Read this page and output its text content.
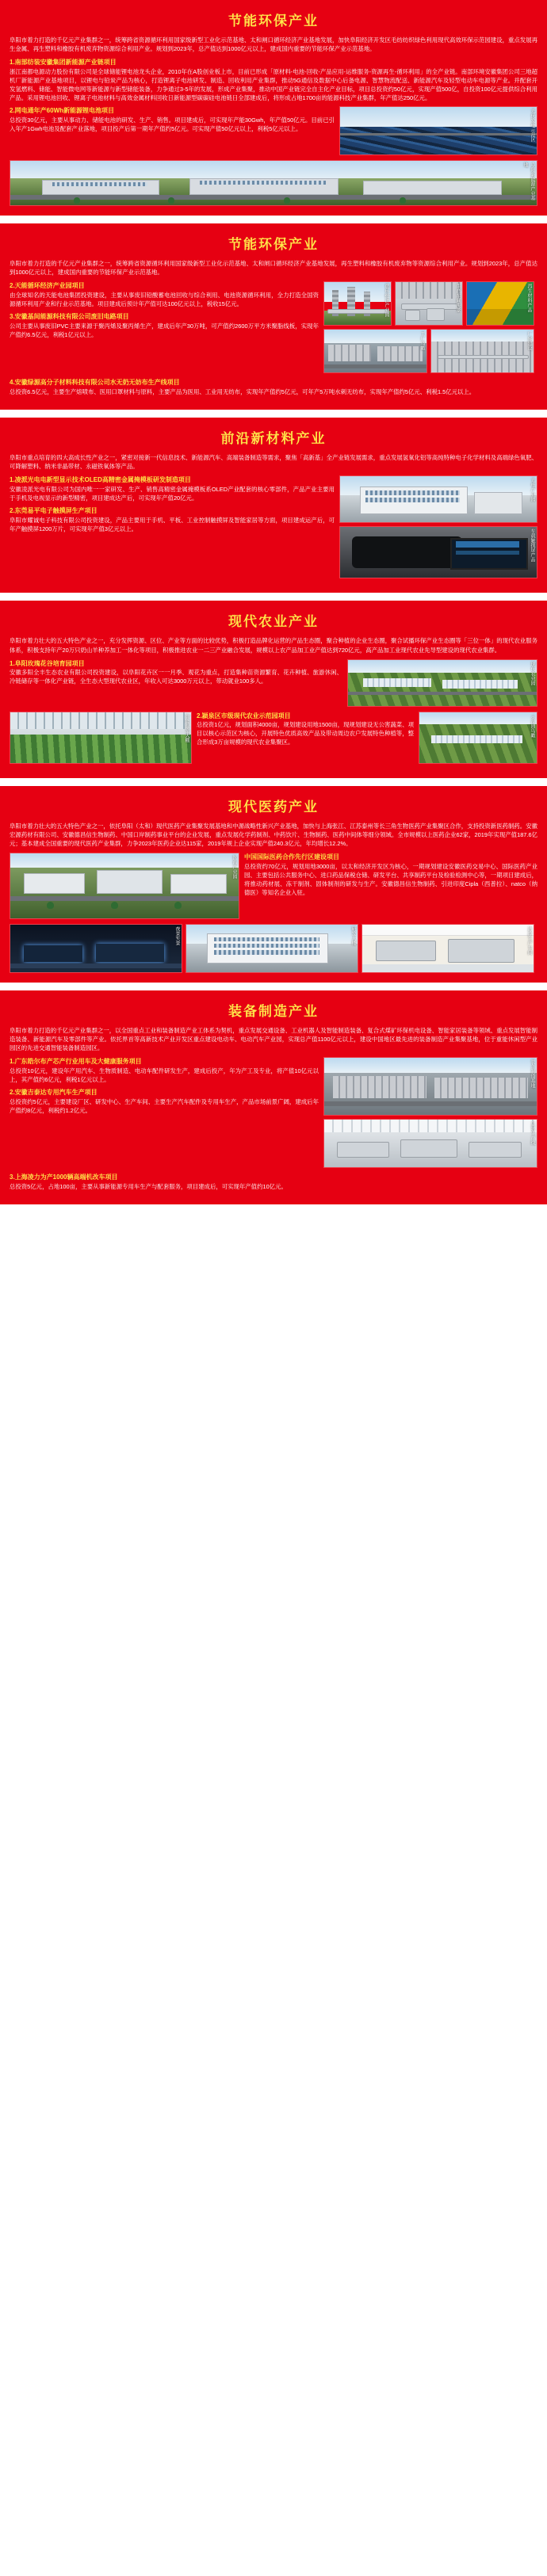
节能环保产业
阜阳市着力打造的千亿元产业集群之一，统筹跨省资源循环利用国家级新型工业化示范基地、太和闸口循环经济产业基地发展，加快阜阳经济开发区毛纺纺织绿色利用现代高效环保示范园建设，重点发展再生金属、再生塑料和橡胶有机废弃物资源综合利用产业。规划到2023年，总产值达到1000亿元以上，建成国内重要的节能环保产业示范基地。
1.南部纺装安徽集团新能源产业链项目
浙江南都电源动力股份有限公司是全球储能锂电池龙头企业，2010年在A股创业板上市，目前已形成「原材料-电池-回收-产品应用-运维服务-资源再生-循环利用」的全产业链。南部环境安徽集团公司三地超机厂新能源产业基地项目，以锂电与铅炭产品为核心，打造锂离子电池研发、制造、回收利用产业集群，推动5G通信及数据中心后备电源、智慧物流配送、新能源汽车及轻型电动车电源等产业。并配套开发氢燃料、储能、智能微电网等新能源与新型储能装备，力争通过3-5年的发展，形成产业集聚，推动中国产业链完全自主化产业目标，项目总投资约50亿元，实现产值500亿，自投资100亿元提供综合利用产品。采用锂电池回收、锂离子电池材料与高效金属材料回收日新能源型碳碳硅电池链日全部建成后，将形成占地1700亩的能源科技产业集群，年产值达250亿元。
2.网电通年产60Wh新能源锂电池项目
总投资30亿元，主要从事动力、储能电池的研发、生产、销售。项目建成后，可实现年产能30Gwh，年产值50亿元。目前已引入年产1Gwh电池及配套产业落地，项目投产后第一期年产值约5亿元。可实现产值50亿元以上，利税5亿元以上。	光伏发电示范区
阜阳新能源产业基地
节能环保产业
阜阳市着力打造的千亿元产业集群之一，统筹跨省资源循环利用国家级新型工业化示范基地、太和闸口循环经济产业基地发展，再生塑料和橡胶有机废弃物等资源综合利用产业。规划到2023年，总产值达到1000亿元以上，建成国内重要的节能环保产业示范基地。
2.天能循环经济产业园项目
由全球知名的天能电池集团投资建设，主要从事废旧铅酸蓄电池回收与综合利用、电池资源循环利用，全力打造全国资源循环利用产业和行业示范基地。项目建成后预计年产值可达100亿元以上，税收15亿元。
3.安徽基间能源科技有限公司废旧电路项目
公司主要从事废旧PVC主要来源于聚丙烯及聚丙烯生产，建成后年产30万吨，可产值约2600万平方米聚脂线板，实现年产值约6.5亿元，利税1亿元以上。
循环经济产业园	生产车间实景	再生材料产品
工厂鸟瞰	厂房建设
4.安徽绿源高分子材料科技有限公司水无奶无妨布生产线项目
总投资6.5亿元，主要生产熔喷布、医用口罩材料与原料，主要产品为医用、工业用无纺布，实现年产值约5亿元，可年产5万吨水刺无纺布，实现年产值约5亿元、利税1.5亿元以上。
前沿新材料产业
阜阳市重点培育的四大高成长性产业之一，紧密对接新一代信息技术、新能源汽车、高端装备制造等需求，聚焦「高新基」全产业链发展需求，重点发展氢氧化铝等高纯特种电子化学材料及高端绿色氧肥、可降解塑料、纳米非晶带材、永磁铁氧体等产品。
1.凌派光电电新型显示技术OLED高精密金属掩模板研发制造项目
安徽凌派光电有限公司为国内唯一一家研发、生产、销售高精密金属掩模板系OLED产业配套的核心零部件，产品产业主要用于手机及电视显示的新型精密，项目建成达产后，可实现年产值20亿元。
2.东莞易平电子触摸屏生产项目
阜阳市耀诚电子科技有限公司投资建设，产品主要用于手机、平板、工业控制触摸屏及智能家居等方面，项目建成运产后，可年产触摸屏1200万片，可实现年产值3亿元以上。
光电产业园
车载触摸屏产品
现代农业产业
阜阳市着力壮大的五大特色产业之一，充分发挥资源、区位、产业等方面的比较优势，积极打造品牌化运营的产品生态圈，聚合种植的企业生态圈，聚合试播环保产业生态圈等「三位一体」的现代农业服务体系，积极支持年产20万只奶山羊种养加工一体化等项目，积极推进农业一二三产业融合发展，规模以上农产品加工业产值达到720亿元，高产品加工业现代农业先导型建设的现代农业集群。
1.阜阳玫瑰花谷培育园项目
安徽多阳全丰生态农业有限公司投资建设，以阜阳花卉区一一月季、观花为重点，打造集种苗资源繁育、花卉种植、旅游休闲、冷链储存等一体化产业链，全生态大型现代农业区，年收入可达3000万元以上，带动就业100多人。	现代农业园
智能温室大棚 2.颍泉区市级现代农业示范园项目
总投资1亿元，规划面积4000亩，规划建设用地1500亩，现规划建设无公害蔬菜、项目以核心示范区为核心，开展特色优质高效产品及带动周边农户发展特色种植等，整合形成3万亩规模的现代农业集聚区。
示范园鸟瞰
现代医药产业
阜阳市着力壮大的五大特色产业之一，依托阜阳（太和）现代医药产业集聚发展基地和中源战略性新兴产业基地，加快与上海张江、江苏泰州等长三角生物医药产业集聚区合作，支持投资新医药制药。安徽宏源药材有限公司、安徽德昌信生物制药、中国口岸制药事业平台的企业发展，重点发展化学药制剂、中药饮片、生物制药、医药中间体等细分领域。全市规模以上医药企业62家，2019年实现产值187.6亿元；基本建成全国重要的现代医药产业集群，力争2023年医药企业达115家，2019年规上企业实现产值240.3亿元，年均增长12.2%。
医药产业园 中国国际医药合作先行区建设项目
总投资约70亿元，规划用地3000亩，以太和经济开发区为核心，一期规划建设安徽医药交易中心、国际医药产业园、主要包括公共服务中心、进口药品保税仓储、研发平台、共享制药平台及检验检测中心等，一期项目建成后，将推动药材展、冻干制剂、固体制剂的研发与生产。安徽德昌信生物制药、引进印度Cipla（西普拉）、natco（纳德医）等知名企业入驻。
夜景实景	研发大楼	洁净生产车间
装备制造产业
阜阳市着力打造的千亿元产业集群之一，以全国重点工业和装备制造产业工体系为契机，重点发展交通设备、工业机器人及智能制造装备、复合式煤矿环保机电设备、智能家居装备等领域、重点发展智能制造装备、新能源汽车及零部件等产业。依托界首等高新技术产业开发区重点建设电动车、电动汽车产业园，实现总产值1100亿元以上，建设中国地区最先进的装备制造产业集聚基地，位于重能休闲型产业园区的先进交通智能装备制造园区。
1.广东皓尔布产芯产行业用车及大健康服务项目
总投资10亿元，建设年产用汽车、生物质制造、电动车配件研发生产，建成后投产，年为产工及专业，将产值10亿元以上，其产值约6亿元，利税1亿元以上。
2.安徽吉泰达专用汽车生产项目
总投资约5亿元，主要建设厂区、研发中心、生产车间、主要生产汽车配件及专用车生产，产品市场前景广阔，建成后年产值约8亿元，利税约1.2亿元。
装备制造基地
总装生产线
3.上海凌力为产1000辆高端机改车项目
总投资5亿元，占地100亩，主要从事新能源专用车生产与配套服务，项目建成后，可实现年产值约10亿元。
